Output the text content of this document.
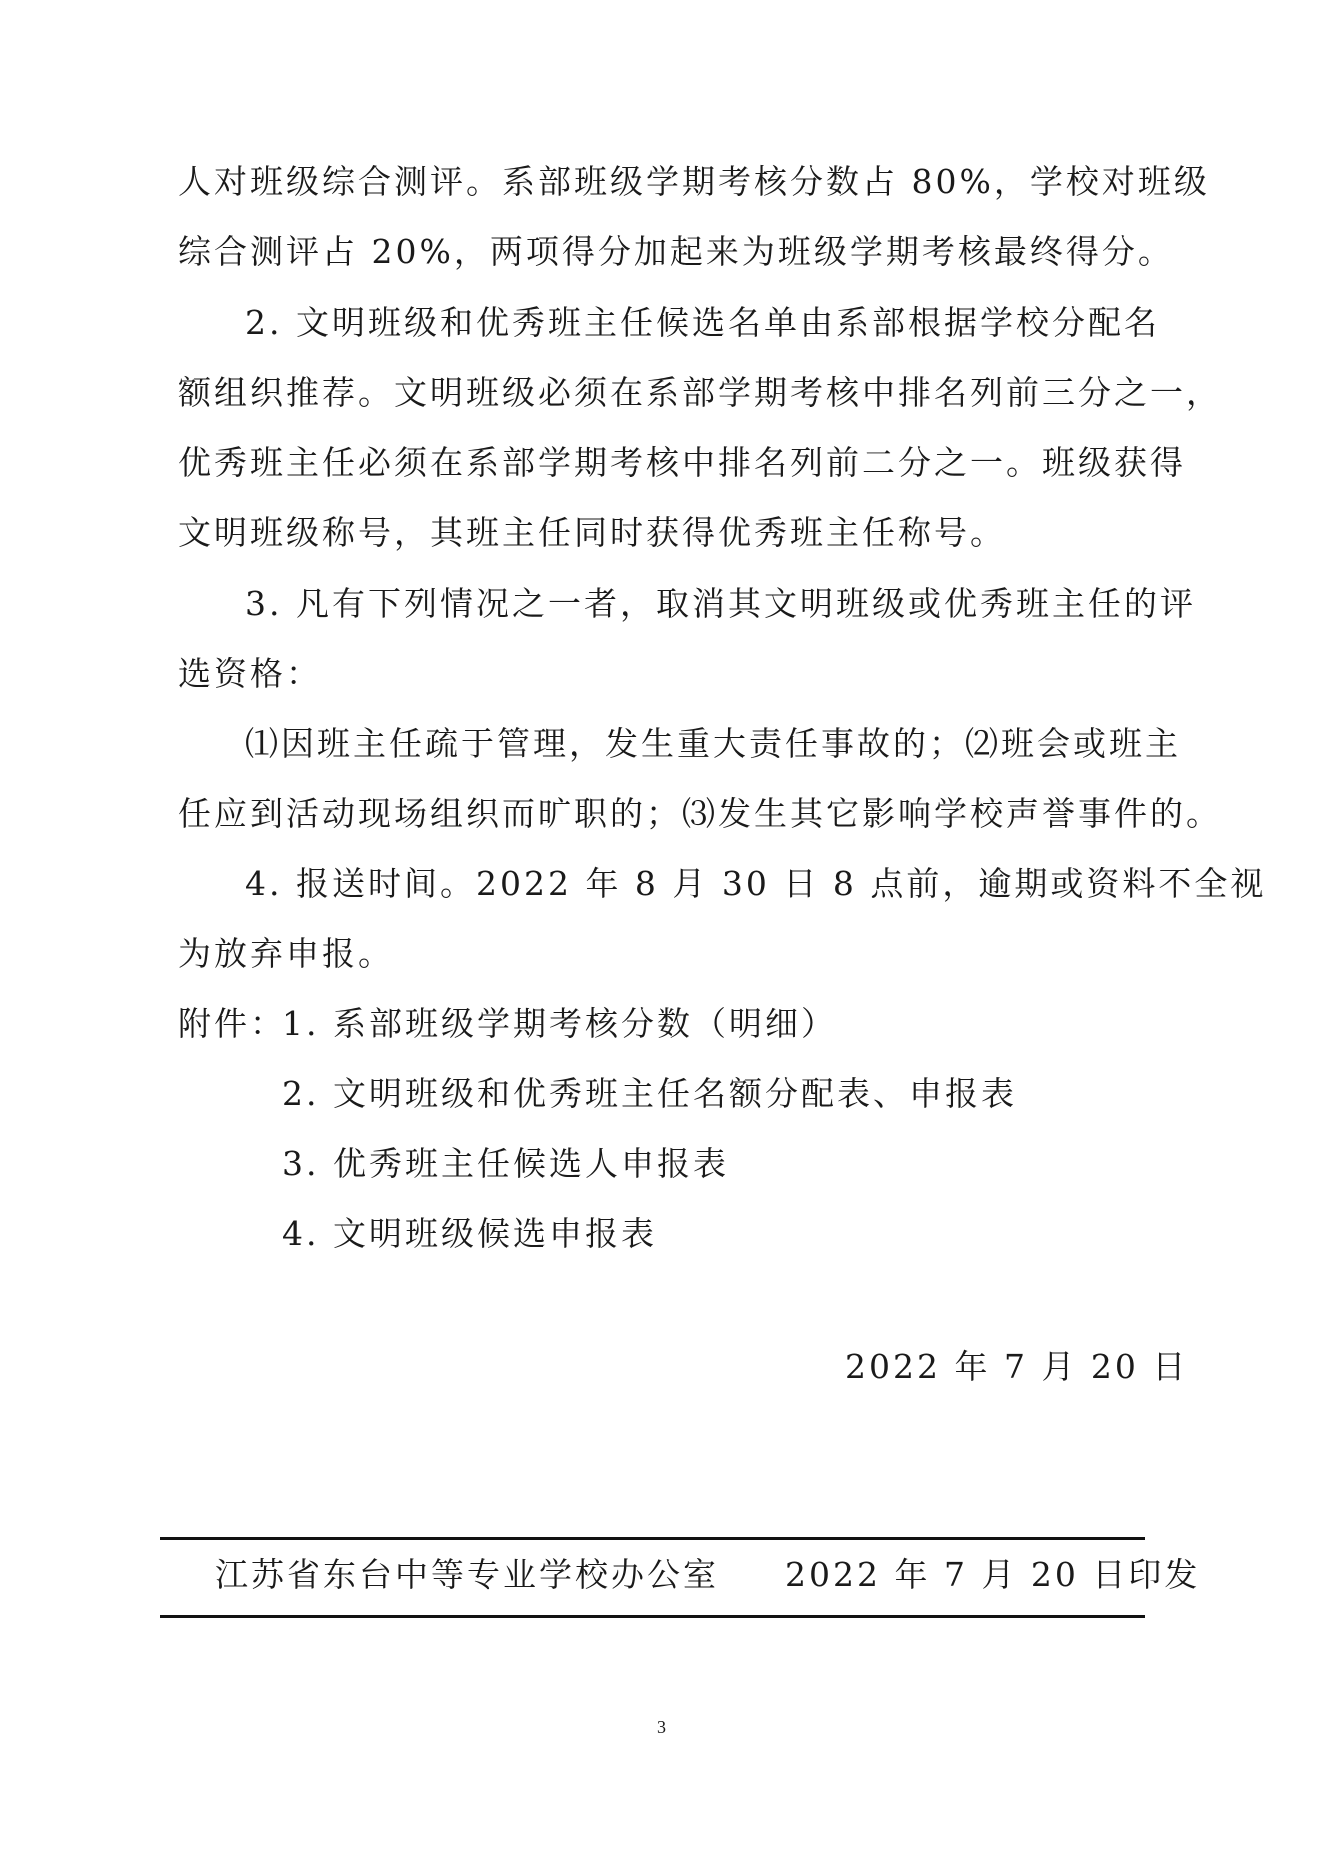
人对班级综合测评。系部班级学期考核分数占 80%，学校对班级
综合测评占 20%，两项得分加起来为班级学期考核最终得分。
2. 文明班级和优秀班主任候选名单由系部根据学校分配名
额组织推荐。文明班级必须在系部学期考核中排名列前三分之一，
优秀班主任必须在系部学期考核中排名列前二分之一。班级获得
文明班级称号，其班主任同时获得优秀班主任称号。
3. 凡有下列情况之一者，取消其文明班级或优秀班主任的评
选资格：
⑴因班主任疏于管理，发生重大责任事故的；⑵班会或班主
任应到活动现场组织而旷职的；⑶发生其它影响学校声誉事件的。
4. 报送时间。2022 年 8 月 30 日 8 点前，逾期或资料不全视
为放弃申报。
附件：
1. 系部班级学期考核分数（明细）
2. 文明班级和优秀班主任名额分配表、申报表
3. 优秀班主任候选人申报表
4. 文明班级候选申报表
2022 年 7 月 20 日
江苏省东台中等专业学校办公室 2022 年 7 月 20 日印发
3
